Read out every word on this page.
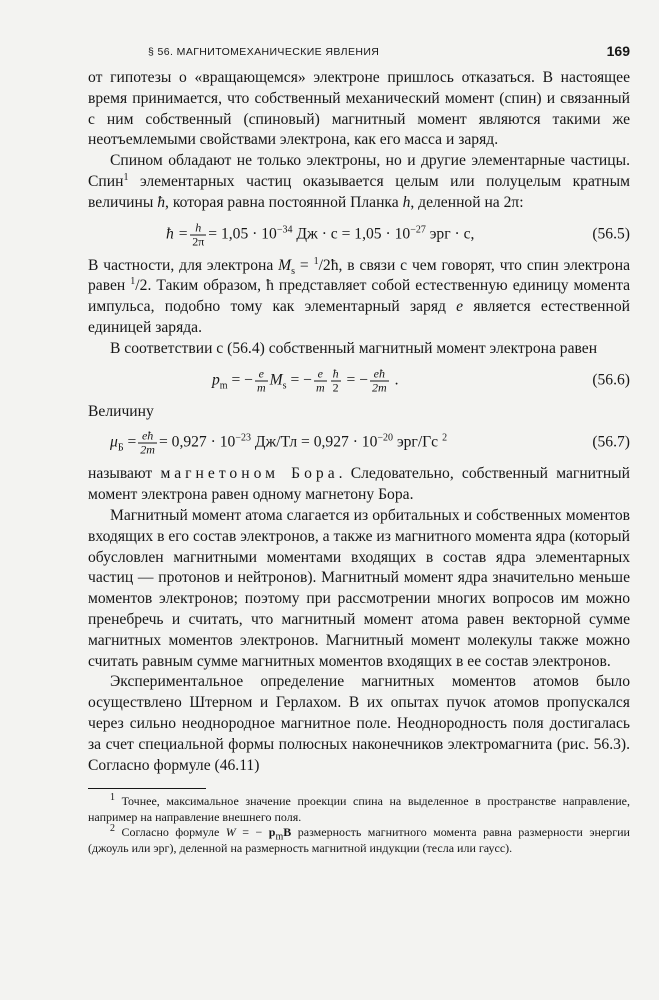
§ 56. МАГНИТОМЕХАНИЧЕСКИЕ ЯВЛЕНИЯ	169

от гипотезы о «вращающемся» электроне пришлось отказаться. В настоящее время принимается, что собственный механический момент (спин) и связанный с ним собственный (спиновый) магнитный момент являются такими же неотъемлемыми свойствами электрона, как его масса и заряд.

Спином обладают не только электроны, но и другие элементарные частицы. Спин$^1$ элементарных частиц оказывается целым или полуцелым кратным величины ħ, которая равна постоянной Планка h, деленной на 2π:

ħ = $\frac{h}{2\pi} = 1,05 \cdot 10^{-34}$ Дж · $с = 1,05 \cdot 10^{-27}$ эрг · с,	(56.5)

В частности, для электрона $M_s$ = $^1$/2ħ, в связи с чем говорят, что спин электрона равен $^1$/2. Таким образом, ħ представляет собой естественную единицу момента импульса, подобно тому как элементарный заряд e является естественной единицей заряда.

В соответствии с (56.4) собственный магнитный момент электрона равен

$p_m$ = − $\frac{e}{m} M_s$ = − $\frac{e}{m} \frac{ħ}{2}$ = − $\frac{eħ}{2m}$ .	(56.6)

Величину

$\mu_Б = \frac{eħ}{2m} = 0,927 \cdot 10^{-23}$ $Дж/Тл = 0,927 \cdot 10^{-20}$ эрг/Гс $^2$	(56.7)

называют магнетоном Бора. Следовательно, собственный магнитный момент электрона равен одному магнетону Бора.

Магнитный момент атома слагается из орбитальных и собственных моментов входящих в его состав электронов, а также из магнитного момента ядра (который обусловлен магнитными моментами входящих в состав ядра элементарных частиц — протонов и нейтронов). Магнитный момент ядра значительно меньше моментов электронов; поэтому при рассмотрении многих вопросов им можно пренебречь и считать, что магнитный момент атома равен векторной сумме магнитных моментов электронов. Магнитный момент молекулы также можно считать равным сумме магнитных моментов входящих в ее состав электронов.

Экспериментальное определение магнитных моментов атомов было осуществлено Штерном и Герлахом. В их опытах пучок атомов пропускался через сильно неоднородное магнитное поле. Неоднородность поля достигалась за счет специальной формы полюсных наконечников электромагнита (рис. 56.3). Согласно формуле (46.11)

$^1$ Точнее, максимальное значение проекции спина на выделенное в пространстве направление, например на направление внешнего поля.

$^2$ Согласно формуле W = − $p_mB$ размерность магнитного момента равна размерности энергии (джоуль или эрг), деленной на размерность магнитной индукции (тесла или гаусс).
